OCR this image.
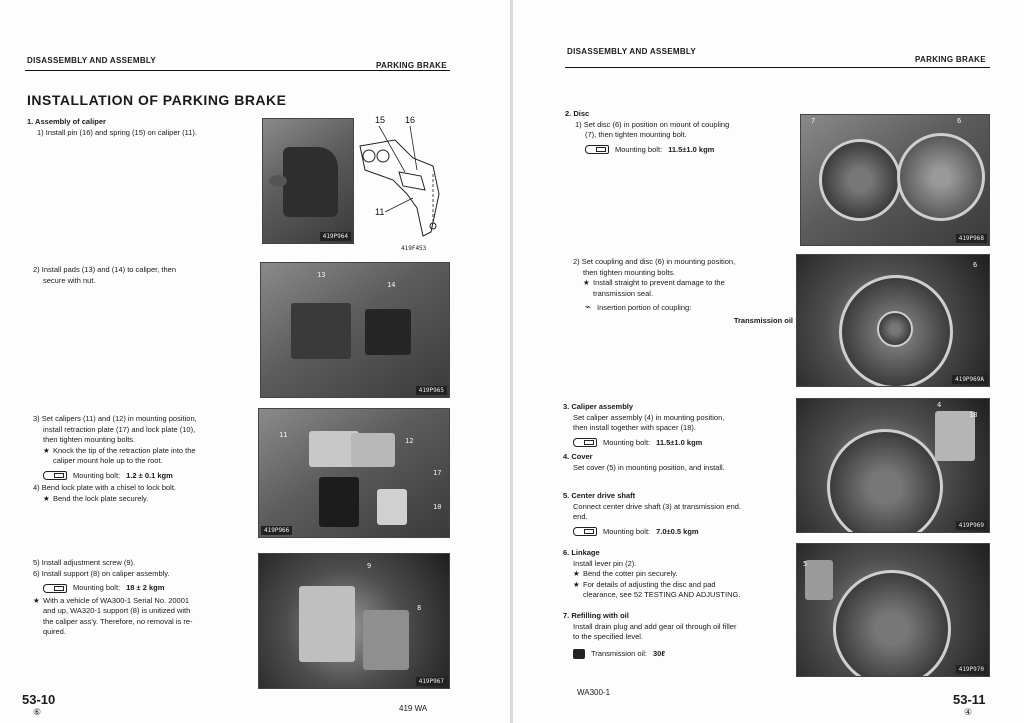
DISASSEMBLY AND ASSEMBLY
PARKING BRAKE
INSTALLATION OF PARKING BRAKE
1. Assembly of caliper
1) Install pin (16) and spring (15) on caliper (11).
419P964
15 16
11
419F453
2) Install pads (13) and (14) to caliper, then
secure with nut.
13
14
419P965
3) Set calipers (11) and (12) in mounting position,
install retraction plate (17) and lock plate (10),
then tighten mounting bolts.
★ Knock the tip of the retraction plate into the
caliper mount hole up to the root.
Mounting bolt: 1.2 ± 0.1 kgm
4) Bend lock plate with a chisel to lock bolt.
★ Bend the lock plate securely.
11
12
17
10
419P966
5) Install adjustment screw (9).
6) Install support (8) on caliper assembly.
Mounting bolt: 18 ± 2 kgm
★ With a vehicle of WA300-1 Serial No. 20001
and up, WA320-1 support (8) is unitized with
the caliper ass'y. Therefore, no removal is re-
quired.
9
8
419P967
53-10
⑥	419 WA
DISASSEMBLY AND ASSEMBLY
PARKING BRAKE
2. Disc
1) Set disc (6) in position on mount of coupling
(7), then tighten mounting bolt.
Mounting bolt: 11.5±1.0 kgm
7	6
419P968
2) Set coupling and disc (6) in mounting position,
then tighten mounting bolts.
★ Install straight to prevent damage to the
transmission seal.
⌁ Insertion portion of coupling:
Transmission oil
6
419P969A
3. Caliper assembly
Set caliper assembly (4) in mounting position,
then install together with spacer (18).
Mounting bolt: 11.5±1.0 kgm
4. Cover
Set cover (5) in mounting position, and install.
4
18
419P969
5. Center drive shaft
Connect center drive shaft (3) at transmission end.
end.
Mounting bolt: 7.0±0.5 kgm
6. Linkage
Install lever pin (2).
★ Bend the cotter pin securely.
★ For details of adjusting the disc and pad
clearance, see 52 TESTING AND ADJUSTING.
7. Refilling with oil
Install drain plug and add gear oil through oil filler
to the specified level.
Transmission oil: 30ℓ
5
419P970
WA300-1	53-11
④
